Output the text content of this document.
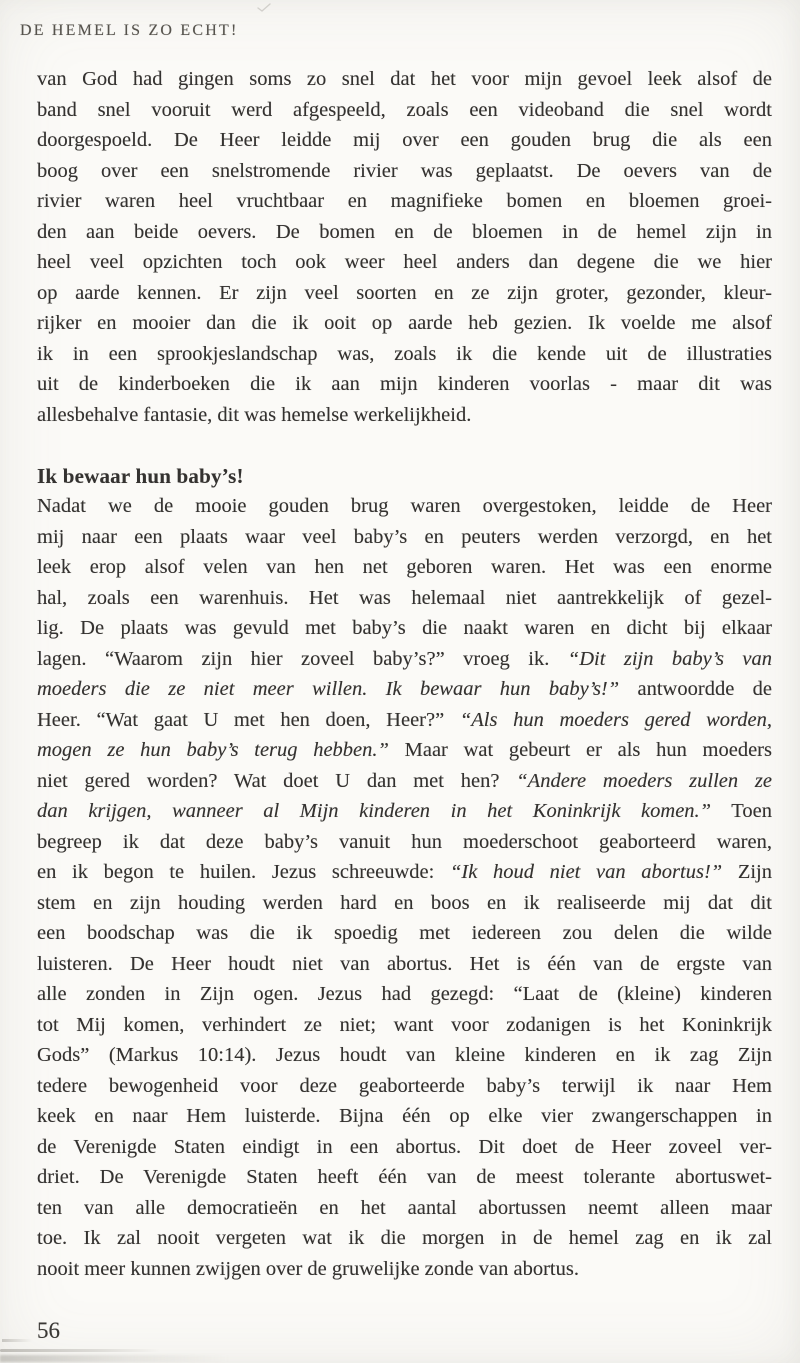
DE HEMEL IS ZO ECHT!
van God had gingen soms zo snel dat het voor mijn gevoel leek alsof de
band snel vooruit werd afgespeeld, zoals een videoband die snel wordt
doorgespoeld. De Heer leidde mij over een gouden brug die als een
boog over een snelstromende rivier was geplaatst. De oevers van de
rivier waren heel vruchtbaar en magnifieke bomen en bloemen groei-
den aan beide oevers. De bomen en de bloemen in de hemel zijn in
heel veel opzichten toch ook weer heel anders dan degene die we hier
op aarde kennen. Er zijn veel soorten en ze zijn groter, gezonder, kleur-
rijker en mooier dan die ik ooit op aarde heb gezien. Ik voelde me alsof
ik in een sprookjeslandschap was, zoals ik die kende uit de illustraties
uit de kinderboeken die ik aan mijn kinderen voorlas - maar dit was
allesbehalve fantasie, dit was hemelse werkelijkheid.
Ik bewaar hun baby’s!
Nadat we de mooie gouden brug waren overgestoken, leidde de Heer
mij naar een plaats waar veel baby’s en peuters werden verzorgd, en het
leek erop alsof velen van hen net geboren waren. Het was een enorme
hal, zoals een warenhuis. Het was helemaal niet aantrekkelijk of gezel-
lig. De plaats was gevuld met baby’s die naakt waren en dicht bij elkaar
lagen. “Waarom zijn hier zoveel baby’s?” vroeg ik. “Dit zijn baby’s van
moeders die ze niet meer willen. Ik bewaar hun baby’s!” antwoordde de
Heer. “Wat gaat U met hen doen, Heer?” “Als hun moeders gered worden,
mogen ze hun baby’s terug hebben.” Maar wat gebeurt er als hun moeders
niet gered worden? Wat doet U dan met hen? “Andere moeders zullen ze
dan krijgen, wanneer al Mijn kinderen in het Koninkrijk komen.” Toen
begreep ik dat deze baby’s vanuit hun moederschoot geaborteerd waren,
en ik begon te huilen. Jezus schreeuwde: “Ik houd niet van abortus!” Zijn
stem en zijn houding werden hard en boos en ik realiseerde mij dat dit
een boodschap was die ik spoedig met iedereen zou delen die wilde
luisteren. De Heer houdt niet van abortus. Het is één van de ergste van
alle zonden in Zijn ogen. Jezus had gezegd: “Laat de (kleine) kinderen
tot Mij komen, verhindert ze niet; want voor zodanigen is het Koninkrijk
Gods” (Markus 10:14). Jezus houdt van kleine kinderen en ik zag Zijn
tedere bewogenheid voor deze geaborteerde baby’s terwijl ik naar Hem
keek en naar Hem luisterde. Bijna één op elke vier zwangerschappen in
de Verenigde Staten eindigt in een abortus. Dit doet de Heer zoveel ver-
driet. De Verenigde Staten heeft één van de meest tolerante abortuswet-
ten van alle democratieën en het aantal abortussen neemt alleen maar
toe. Ik zal nooit vergeten wat ik die morgen in de hemel zag en ik zal
nooit meer kunnen zwijgen over de gruwelijke zonde van abortus.
56
